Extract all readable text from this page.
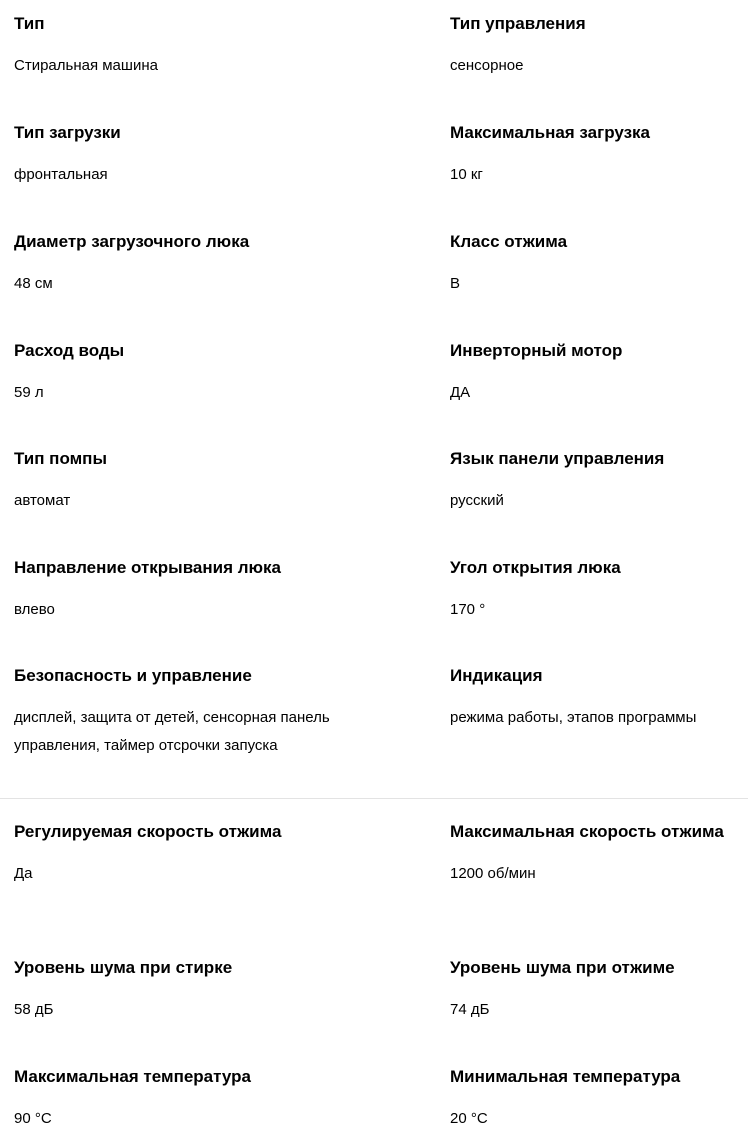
Тип
Стиральная машина
Тип управления
сенсорное
Тип загрузки
фронтальная
Максимальная загрузка
10 кг
Диаметр загрузочного люка
48 см
Класс отжима
B
Расход воды
59 л
Инверторный мотор
ДА
Тип помпы
автомат
Язык панели управления
русский
Направление открывания люка
влево
Угол открытия люка
170 °
Безопасность и управление
дисплей, защита от детей, сенсорная панель управления, таймер отсрочки запуска
Индикация
режима работы, этапов программы
Регулируемая скорость отжима
Да
Максимальная скорость отжима
1200 об/мин
Уровень шума при стирке
58 дБ
Уровень шума при отжиме
74 дБ
Максимальная температура
90 °C
Минимальная температура
20 °C
